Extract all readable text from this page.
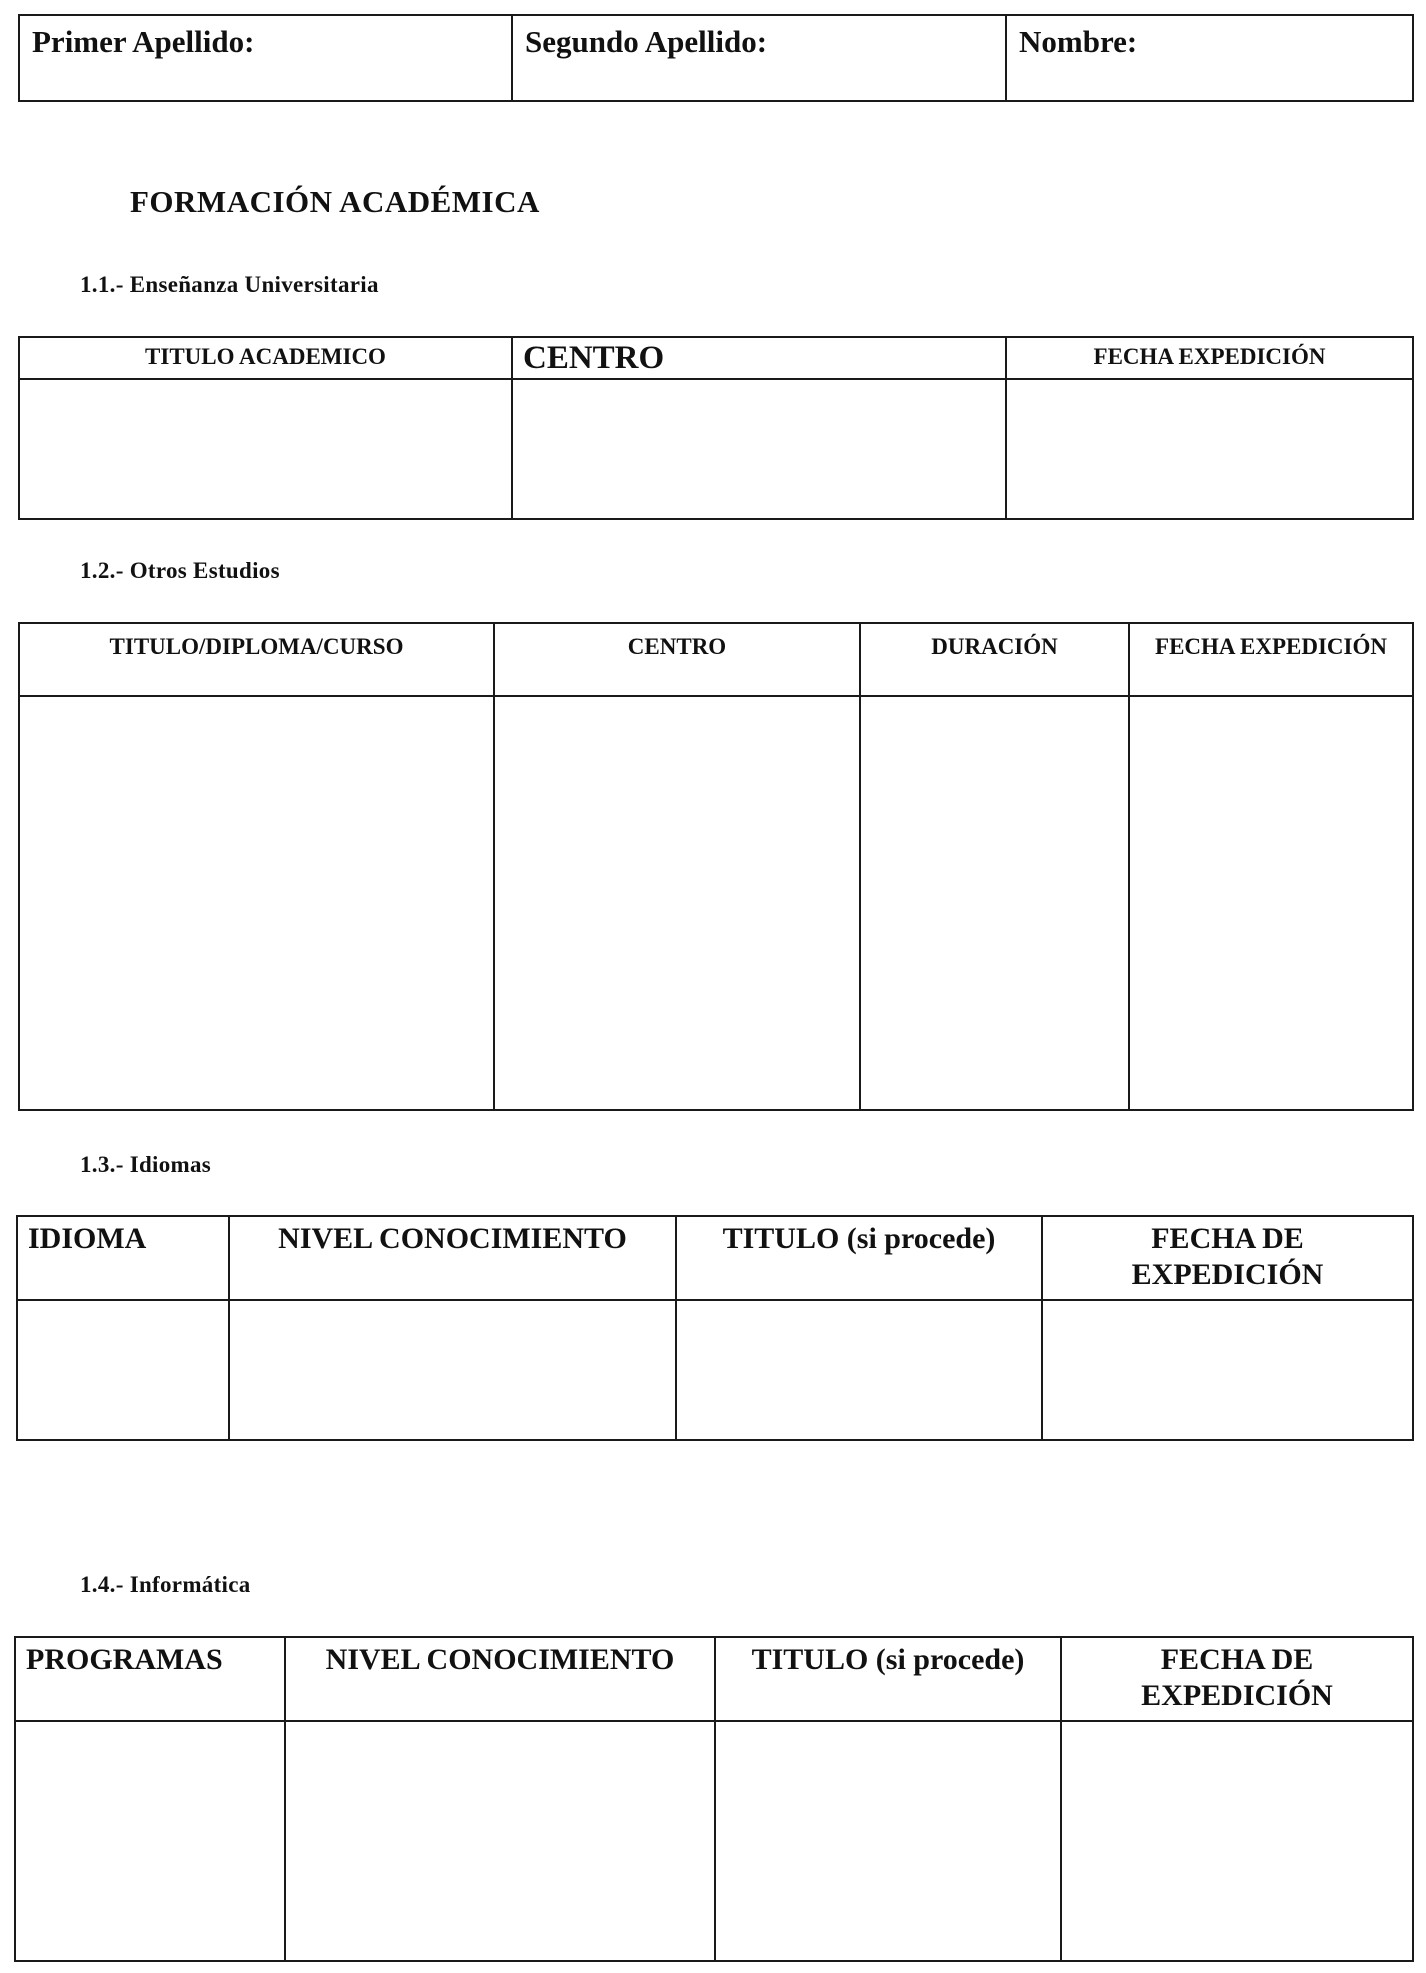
Primer Apellido:	Segundo Apellido:	Nombre:
FORMACIÓN ACADÉMICA
1.1.- Enseñanza Universitaria
TITULO ACADEMICO	CENTRO	FECHA EXPEDICIÓN

1.2.- Otros Estudios
TITULO/DIPLOMA/CURSO	CENTRO	DURACIÓN	FECHA EXPEDICIÓN

1.3.- Idiomas
IDIOMA	NIVEL CONOCIMIENTO	TITULO (si procede)	FECHA DE EXPEDICIÓN

1.4.- Informática
PROGRAMAS	NIVEL CONOCIMIENTO	TITULO (si procede)	FECHA DE EXPEDICIÓN
